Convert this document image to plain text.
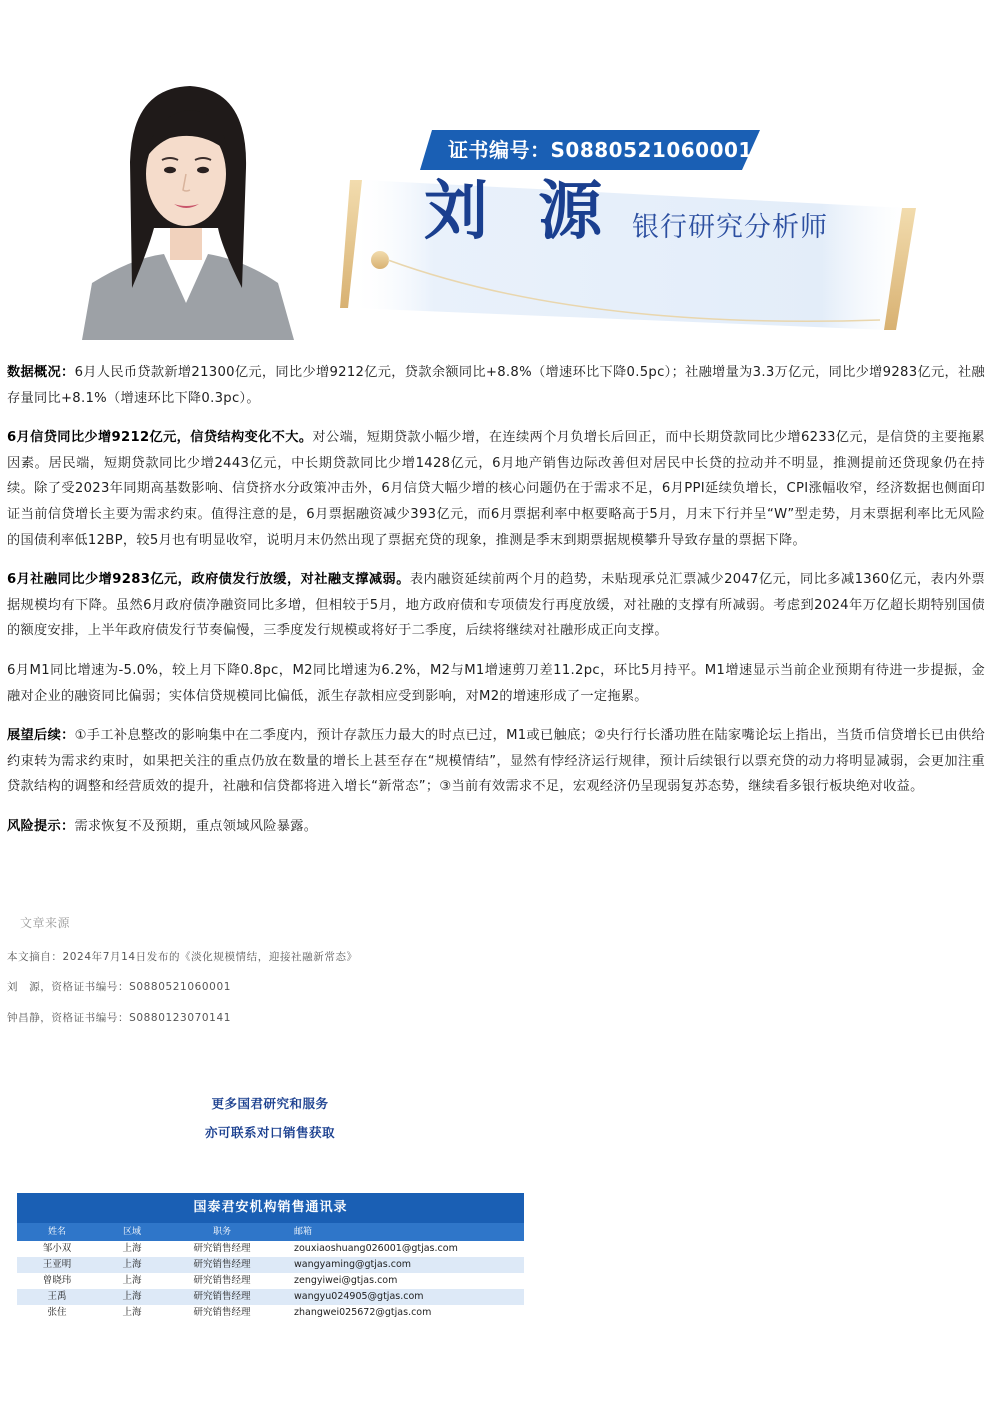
证书编号：S0880521060001
刘 源 银行研究分析师

数据概况：6月人民币贷款新增21300亿元，同比少增9212亿元，贷款余额同比+8.8%（增速环比下降0.5pc）；社融增量为3.3万亿元，同比少增9283亿元，社融存量同比+8.1%（增速环比下降0.3pc）。

6月信贷同比少增9212亿元，信贷结构变化不大。对公端，短期贷款小幅少增，在连续两个月负增长后回正，而中长期贷款同比少增6233亿元，是信贷的主要拖累因素。居民端，短期贷款同比少增2443亿元，中长期贷款同比少增1428亿元，6月地产销售边际改善但对居民中长贷的拉动并不明显，推测提前还贷现象仍在持续。除了受2023年同期高基数影响、信贷挤水分政策冲击外，6月信贷大幅少增的核心问题仍在于需求不足，6月PPI延续负增长，CPI涨幅收窄，经济数据也侧面印证当前信贷增长主要为需求约束。值得注意的是，6月票据融资减少393亿元，而6月票据利率中枢要略高于5月，月末下行并呈“W”型走势，月末票据利率比无风险的国债利率低12BP，较5月也有明显收窄，说明月末仍然出现了票据充贷的现象，推测是季末到期票据规模攀升导致存量的票据下降。

6月社融同比少增9283亿元，政府债发行放缓，对社融支撑减弱。表内融资延续前两个月的趋势，未贴现承兑汇票减少2047亿元，同比多减1360亿元，表内外票据规模均有下降。虽然6月政府债净融资同比多增，但相较于5月，地方政府债和专项债发行再度放缓，对社融的支撑有所减弱。考虑到2024年万亿超长期特别国债的额度安排，上半年政府债发行节奏偏慢，三季度发行规模或将好于二季度，后续将继续对社融形成正向支撑。

6月M1同比增速为-5.0%，较上月下降0.8pc，M2同比增速为6.2%，M2与M1增速剪刀差11.2pc，环比5月持平。M1增速显示当前企业预期有待进一步提振，金融对企业的融资同比偏弱；实体信贷规模同比偏低，派生存款相应受到影响，对M2的增速形成了一定拖累。

展望后续：①手工补息整改的影响集中在二季度内，预计存款压力最大的时点已过，M1或已触底；②央行行长潘功胜在陆家嘴论坛上指出，当货币信贷增长已由供给约束转为需求约束时，如果把关注的重点仍放在数量的增长上甚至存在“规模情结”，显然有悖经济运行规律，预计后续银行以票充贷的动力将明显减弱，会更加注重贷款结构的调整和经营质效的提升，社融和信贷都将进入增长“新常态”；③当前有效需求不足，宏观经济仍呈现弱复苏态势，继续看多银行板块绝对收益。

风险提示：需求恢复不及预期，重点领域风险暴露。

文章来源
本文摘自：2024年7月14日发布的《淡化规模情结，迎接社融新常态》
刘　源，资格证书编号：S0880521060001
钟昌静，资格证书编号：S0880123070141
更多国君研究和服务
亦可联系对口销售获取
国泰君安机构销售通讯录
姓名	区域	职务	邮箱
邹小双	上海	研究销售经理	zouxiaoshuang026001@gtjas.com
王亚明	上海	研究销售经理	wangyaming@gtjas.com
曾晓玮	上海	研究销售经理	zengyiwei@gtjas.com
王禹	上海	研究销售经理	wangyu024905@gtjas.com
张住	上海	研究销售经理	zhangwei025672@gtjas.com
